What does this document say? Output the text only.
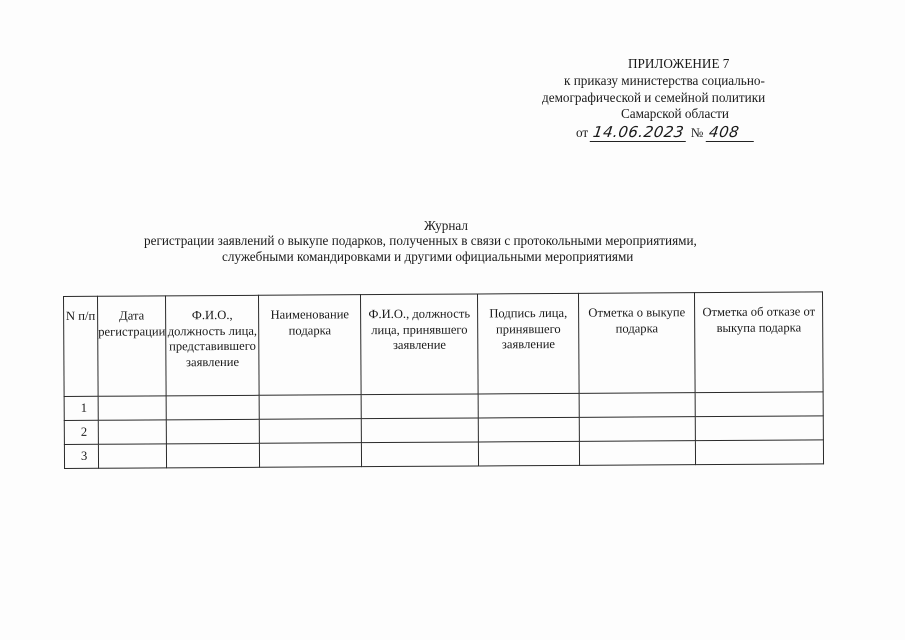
ПРИЛОЖЕНИЕ 7
к приказу министерства социально-
демографической и семейной политики
Самарской области
от 14.06.2023 № 408
Журнал
регистрации заявлений о выкупе подарков, полученных в связи с протокольными мероприятиями,
служебными командировками и другими официальными мероприятиями
N п/п	Дата регистрации	Ф.И.О., должность лица, представившего заявление	Наименование подарка	Ф.И.О., должность лица, принявшего заявление	Подпись лица, принявшего заявление	Отметка о выкупе подарка	Отметка об отказе от выкупа подарка
1							
2							
3							
